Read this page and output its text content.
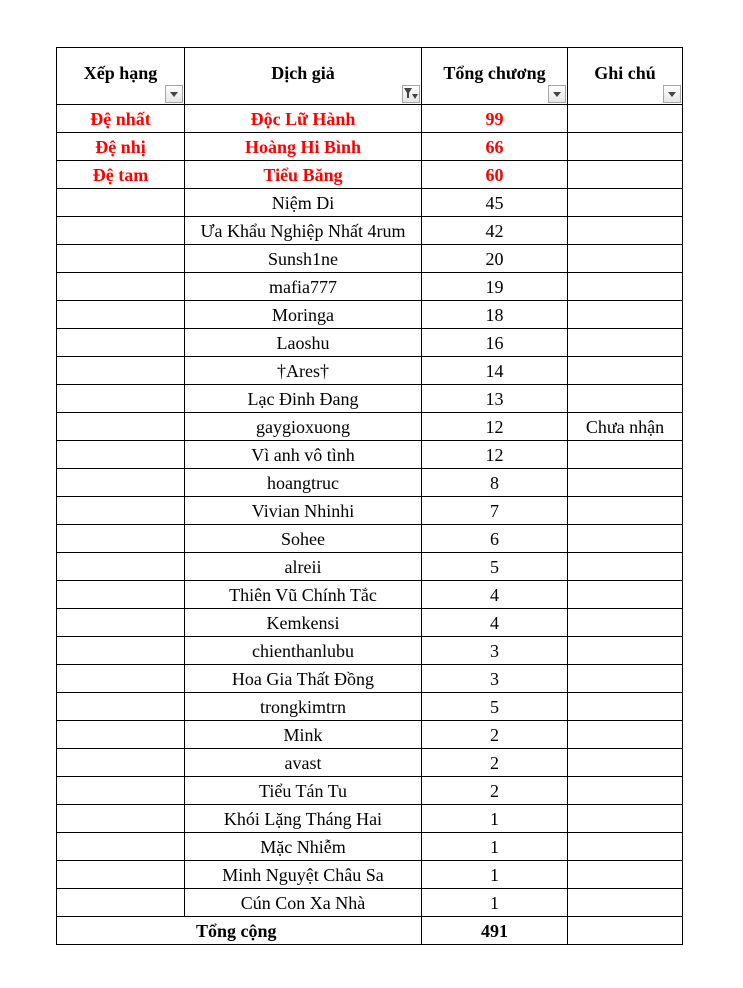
Xếp hạng	Dịch giả	Tổng chương	Ghi chú

Đệ nhất	Độc Lữ Hành	99	
Đệ nhị	Hoàng Hi Bình	66	
Đệ tam	Tiểu Băng	60	
	Niệm Di	45	
	Ưa Khẩu Nghiệp Nhất 4rum	42	
	Sunsh1ne	20	
	mafia777	19	
	Moringa	18	
	Laoshu	16	
	†Ares†	14	
	Lạc Đinh Đang	13	
	gaygioxuong	12	Chưa nhận
	Vì anh vô tình	12	
	hoangtruc	8	
	Vivian Nhinhi	7	
	Sohee	6	
	alreii	5	
	Thiên Vũ Chính Tắc	4	
	Kemkensi	4	
	chienthanlubu	3	
	Hoa Gia Thất Đồng	3	
	trongkimtrn	5	
	Mink	2	
	avast	2	
	Tiểu Tán Tu	2	
	Khói Lặng Tháng Hai	1	
	Mặc Nhiễm	1	
	Minh Nguyệt Châu Sa	1	
	Cún Con Xa Nhà	1	
Tổng cộng		491	
